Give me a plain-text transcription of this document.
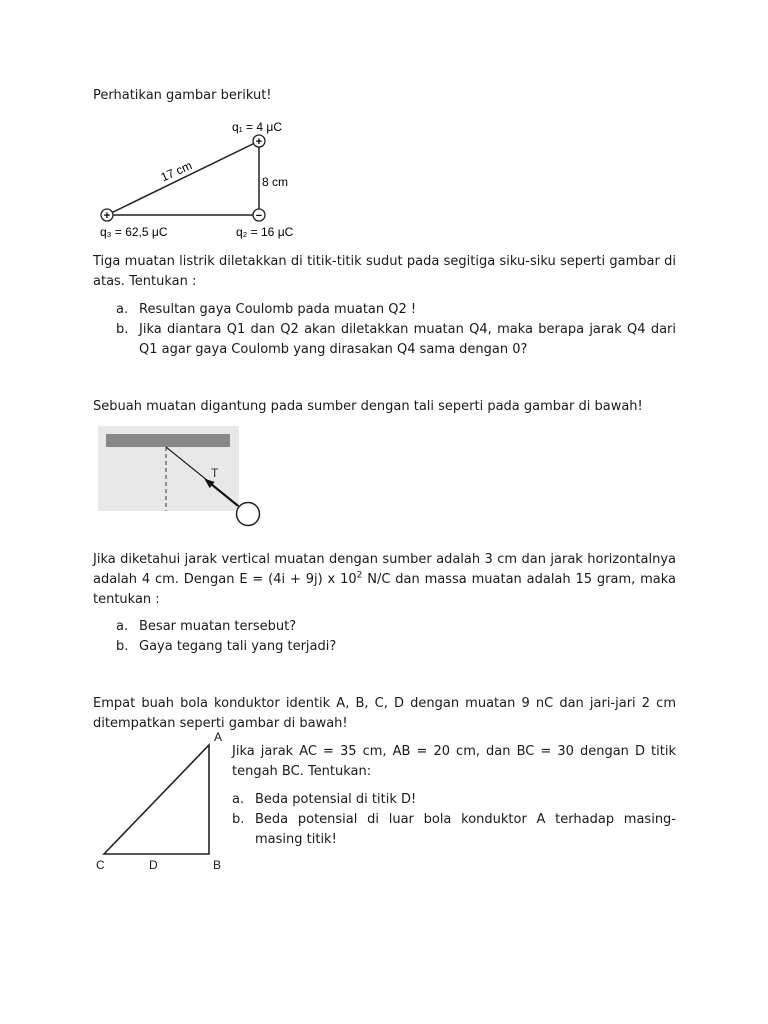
Perhatikan gambar berikut!

+
−
+
q₁ = 4 μC
q₂ = 16 μC
q₃ = 62,5 μC
8 cm
17 cm

Tiga muatan listrik diletakkan di titik-titik sudut pada segitiga siku-siku seperti gambar di atas. Tentukan :

a. Resultan gaya Coulomb pada muatan Q2 !
b. Jika diantara Q1 dan Q2 akan diletakkan muatan Q4, maka berapa jarak Q4 dari Q1 agar gaya Coulomb yang dirasakan Q4 sama dengan 0?

Sebuah muatan digantung pada sumber dengan tali seperti pada gambar di bawah!

T

Jika diketahui jarak vertical muatan dengan sumber adalah 3 cm dan jarak horizontalnya adalah 4 cm. Dengan E = (4i + 9j) x $10^2$ N/C dan massa muatan adalah 15 gram, maka tentukan :

a. Besar muatan tersebut?
b. Gaya tegang tali yang terjadi?

Empat buah bola konduktor identik A, B, C, D dengan muatan 9 nC dan jari-jari 2 cm ditempatkan seperti gambar di bawah!

A
C	D	B

Jika jarak AC = 35 cm, AB = 20 cm, dan BC = 30 dengan D titik tengah BC. Tentukan:

a. Beda potensial di titik D!
b. Beda potensial di luar bola konduktor A terhadap masing-masing titik!
